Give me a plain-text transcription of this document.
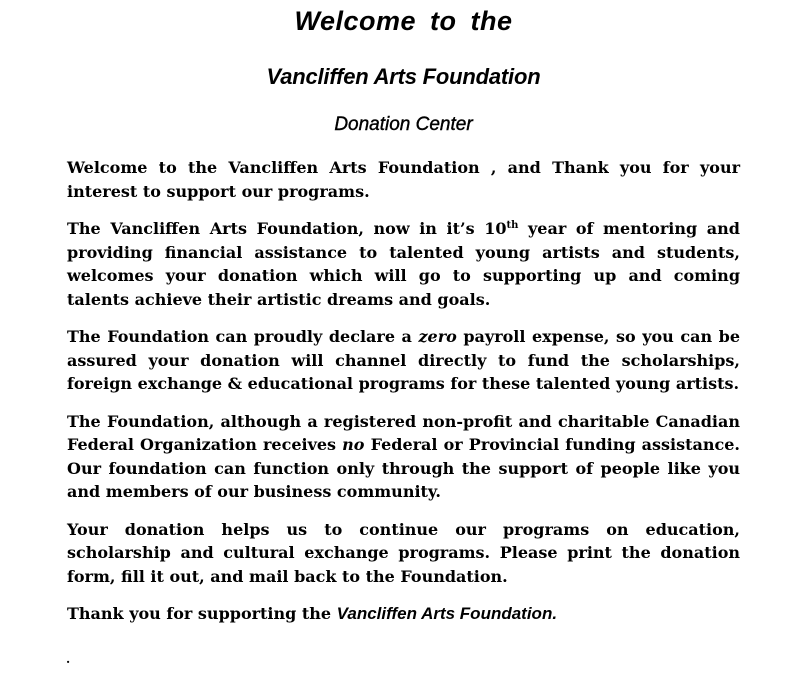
Welcome to the
Vancliffen Arts Foundation
Donation Center

Welcome to the Vancliffen Arts Foundation , and Thank you for your interest to support our programs.

The Vancliffen Arts Foundation, now in it’s 10th year of mentoring and providing financial assistance to talented young artists and students, welcomes your donation which will go to supporting up and coming talents achieve their artistic dreams and goals.

The Foundation can proudly declare a zero payroll expense, so you can be assured your donation will channel directly to fund the scholarships, foreign exchange & educational programs for these talented young artists.

The Foundation, although a registered non-profit and charitable Canadian Federal Organization receives no Federal or Provincial funding assistance. Our foundation can function only through the support of people like you and members of our business community.

Your donation helps us to continue our programs on education, scholarship and cultural exchange programs. Please print the donation form, fill it out, and mail back to the Foundation.

Thank you for supporting the Vancliffen Arts Foundation.

.
